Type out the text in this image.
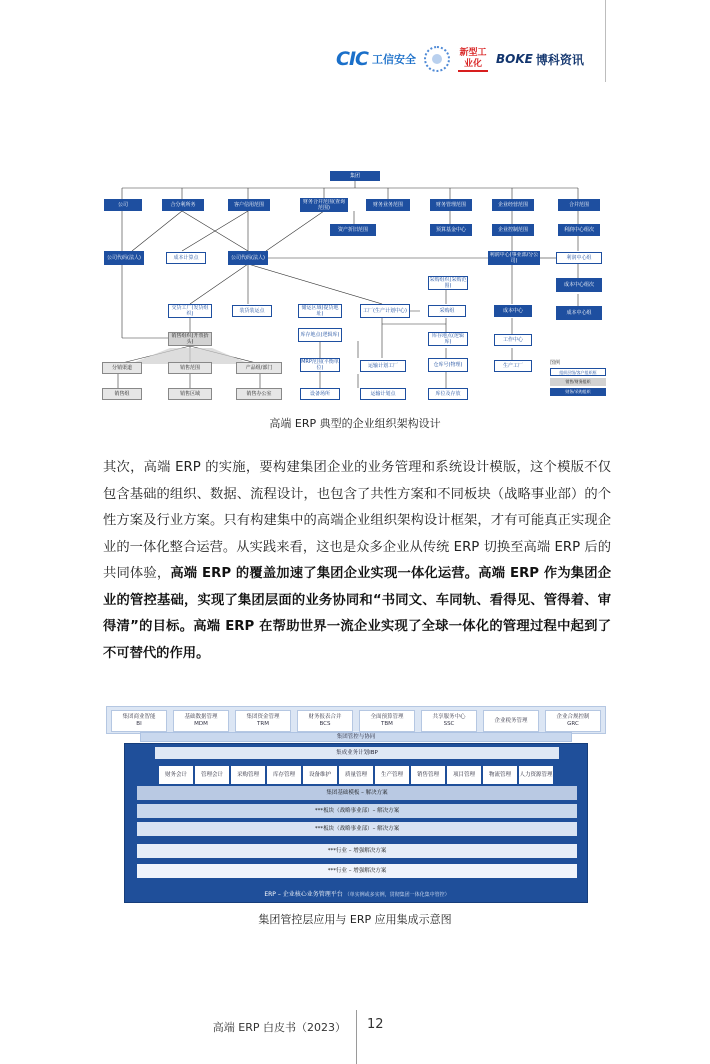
CIC 工信安全	新型工业化	BOKE 博科资讯
集团
公司	合分利所务	客户信用范围	财务合并范围(查询范围)	财务业务范围	财务管理范围	企业经营范围	合并范围
资产折旧范围	预算基金中心	企业控制范围	利润中心组次
公司代码(法人)	成本计算点	公司代码(法人)	利润中心(事业部/分公司)	利润中心组
成本中心组次
成本中心组
采购组织(采购范围)
交货工厂(发货组织)	装货装运点	储运区域(提货地址)	工厂(生产计划中心)	采购组	成本中心
销售组织(开票抬头)
库存地点(逻辑库)	库存地点(逻辑库)	工作中心
分销渠道	销售范围	产品组/部门
MRP范围(平衡单位)	运输计划工厂	仓库号(物理)	生产工厂
销售组	销售区域	销售办公室	设备场所	运输计划点	库位及存放
图例
组织层级/客户组织框
销售/财务组织
财务/采购组织
高端 ERP 典型的企业组织架构设计

其次，高端 ERP 的实施，要构建集团企业的业务管理和系统设计模版，这个模版不仅包含基础的组织、数据、流程设计，也包含了共性方案和不同板块（战略事业部）的个性方案及行业方案。只有构建集中的高端企业组织架构设计框架，才有可能真正实现企业的一体化整合运营。从实践来看，这也是众多企业从传统 ERP 切换至高端 ERP 后的共同体验，高端 ERP 的覆盖加速了集团企业实现一体化运营。高端 ERP 作为集团企业的管控基础，实现了集团层面的业务协同和“书同文、车同轨、看得见、管得着、审得清”的目标。高端 ERP 在帮助世界一流企业实现了全球一体化的管理过程中起到了不可替代的作用。

集团商业智能
BI
基础数据管理
MDM
集团资金管理
TRM
财务报表合并
BCS
全面预算管理
TBM
共享服务中心
SSC
企业税务管理
企业合规控制
GRC
集团管控与协同
集成业务计划IBP
财务会计	管理会计	采购管理	库存管理	设备维护	质量管理	生产管理	销售管理	项目管理	物流管理	人力资源管理
集团基础模板 – 解决方案
***板块（战略事业部）– 解决方案
***板块（战略事业部）– 解决方案
***行业 – 增强解决方案
***行业 – 增强解决方案
ERP – 企业核心业务管理平台 （单实例或多实例，贯彻集团一体化集中管控）
集团管控层应用与 ERP 应用集成示意图
高端 ERP 白皮书（2023） 12
